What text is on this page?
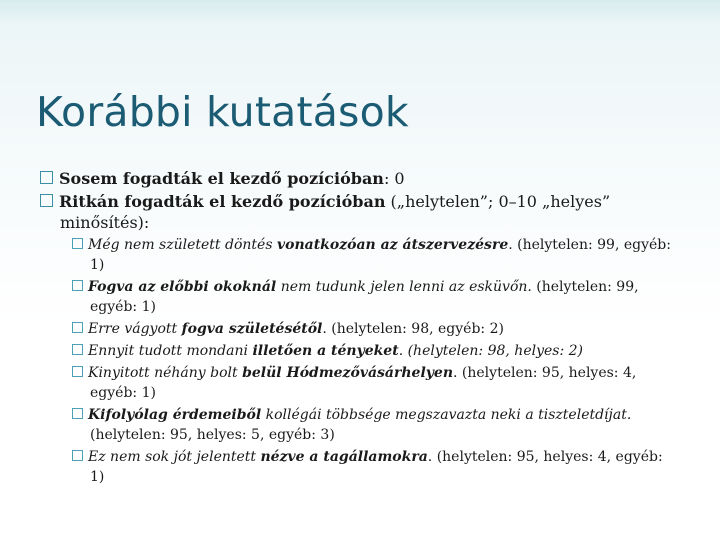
Korábbi kutatások
Sosem fogadták el kezdő pozícióban: 0
Ritkán fogadták el kezdő pozícióban („helytelen”; 0–10 „helyes” minősítés):
Még nem született döntés vonatkozóan az átszervezésre. (helytelen: 99, egyéb: 1)
Fogva az előbbi okoknál nem tudunk jelen lenni az esküvőn. (helytelen: 99, egyéb: 1)
Erre vágyott fogva születésétől. (helytelen: 98, egyéb: 2)
Ennyit tudott mondani illetően a tényeket. (helytelen: 98, helyes: 2)
Kinyitott néhány bolt belül Hódmezővásárhelyen. (helytelen: 95, helyes: 4, egyéb: 1)
Kifolyólag érdemeiből kollégái többsége megszavazta neki a tiszteletdíjat. (helytelen: 95, helyes: 5, egyéb: 3)
Ez nem sok jót jelentett nézve a tagállamokra. (helytelen: 95, helyes: 4, egyéb: 1)
